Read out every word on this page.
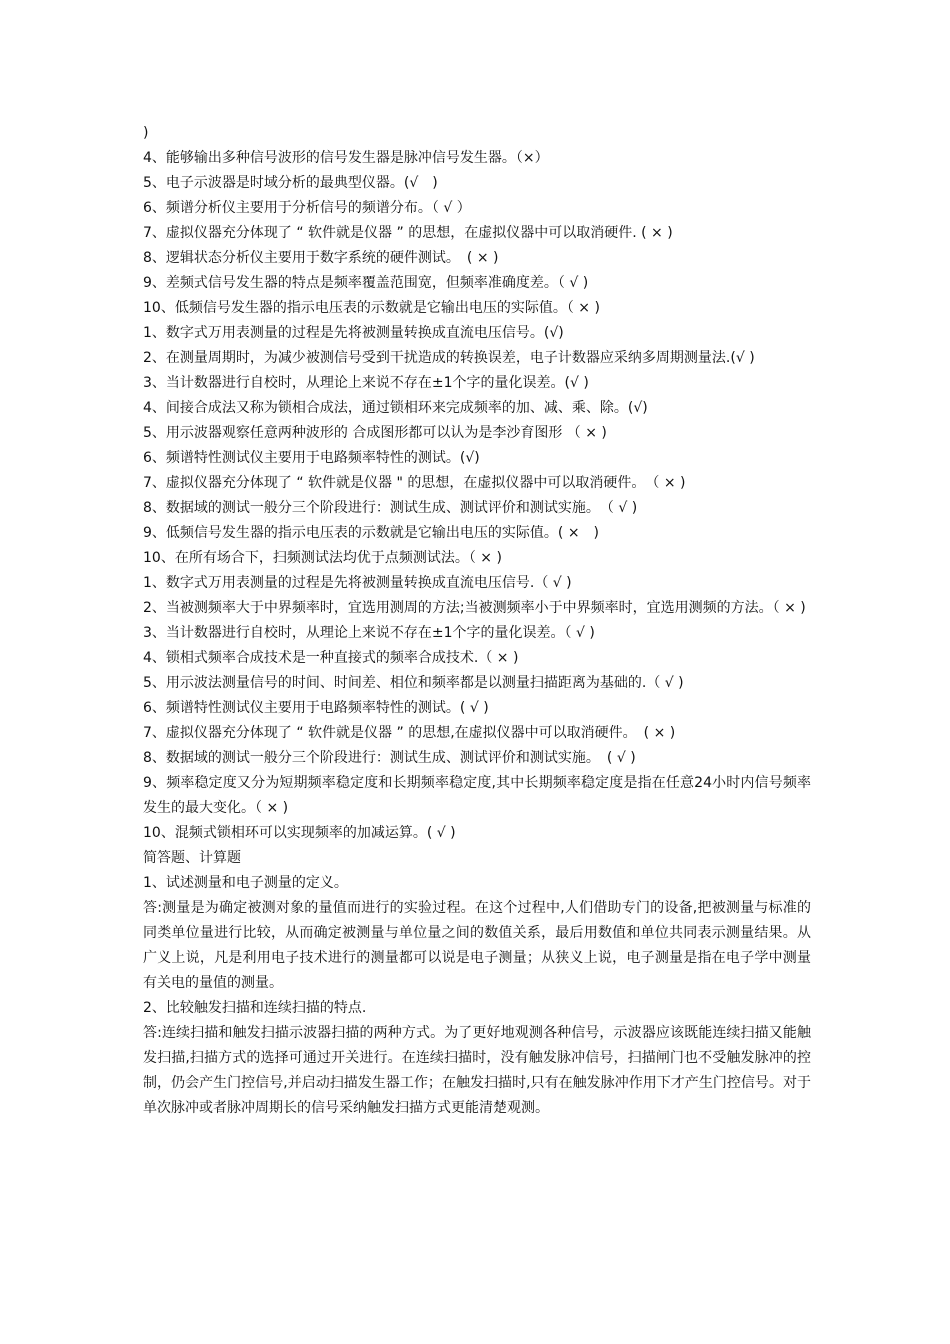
)
4、能够输出多种信号波形的信号发生器是脉冲信号发生器。（×）
5、电子示波器是时域分析的最典型仪器。(√　)
6、频谱分析仪主要用于分析信号的频谱分布。（ √ ）
7、虚拟仪器充分体现了 “ 软件就是仪器 ” 的思想，在虚拟仪器中可以取消硬件. ( × )
8、逻辑状态分析仪主要用于数字系统的硬件测试。　( × )
9、差频式信号发生器的特点是频率覆盖范围宽，但频率准确度差。（ √ )
10、低频信号发生器的指示电压表的示数就是它输出电压的实际值。（ × )
1、数字式万用表测量的过程是先将被测量转换成直流电压信号。(√)
2、在测量周期时，为减少被测信号受到干扰造成的转换误差，电子计数器应采纳多周期测量法.(√ )
3、当计数器进行自校时，从理论上来说不存在±1个字的量化误差。(√ )
4、间接合成法又称为锁相合成法，通过锁相环来完成频率的加、减、乘、除。(√)
5、用示波器观察任意两种波形的 合成图形都可以认为是李沙育图形 （ × )
6、频谱特性测试仪主要用于电路频率特性的测试。(√)
7、虚拟仪器充分体现了 “ 软件就是仪器 " 的思想，在虚拟仪器中可以取消硬件。　（ × )
8、数据域的测试一般分三个阶段进行：测试生成、测试评价和测试实施。　（ √ )
9、低频信号发生器的指示电压表的示数就是它输出电压的实际值。( ×　)
10、在所有场合下，扫频测试法均优于点频测试法。（ × )
1、数字式万用表测量的过程是先将被测量转换成直流电压信号.（ √ )
2、当被测频率大于中界频率时，宜选用测周的方法;当被测频率小于中界频率时，宜选用测频的方法。（ × )
3、当计数器进行自校时，从理论上来说不存在±1个字的量化误差。（ √ )
4、锁相式频率合成技术是一种直接式的频率合成技术.（ × )
5、用示波法测量信号的时间、时间差、相位和频率都是以测量扫描距离为基础的.（ √ )
6、频谱特性测试仪主要用于电路频率特性的测试。( √ )
7、虚拟仪器充分体现了 “ 软件就是仪器 ” 的思想,在虚拟仪器中可以取消硬件。　( × )
8、数据域的测试一般分三个阶段进行：测试生成、测试评价和测试实施。　( √ )
9、频率稳定度又分为短期频率稳定度和长期频率稳定度,其中长期频率稳定度是指在任意24小时内信号频率发生的最大变化。（ × )
10、混频式锁相环可以实现频率的加减运算。( √ )
简答题、计算题
1、试述测量和电子测量的定义。
答:测量是为确定被测对象的量值而进行的实验过程。在这个过程中,人们借助专门的设备,把被测量与标准的同类单位量进行比较，从而确定被测量与单位量之间的数值关系，最后用数值和单位共同表示测量结果。从广义上说，凡是利用电子技术进行的测量都可以说是电子测量；从狭义上说，电子测量是指在电子学中测量有关电的量值的测量。
2、比较触发扫描和连续扫描的特点.
答:连续扫描和触发扫描示波器扫描的两种方式。为了更好地观测各种信号，示波器应该既能连续扫描又能触发扫描,扫描方式的选择可通过开关进行。在连续扫描时，没有触发脉冲信号，扫描闸门也不受触发脉冲的控制，仍会产生门控信号,并启动扫描发生器工作；在触发扫描时,只有在触发脉冲作用下才产生门控信号。对于单次脉冲或者脉冲周期长的信号采纳触发扫描方式更能清楚观测。
